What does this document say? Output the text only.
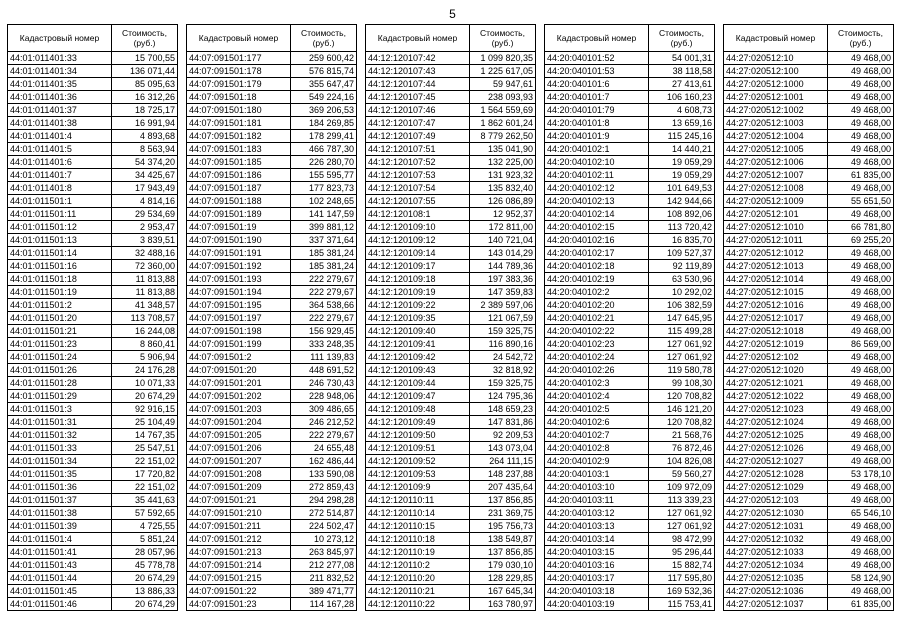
5
Кадастровый номер	Стоимость, (руб.)
44:01:011401:33	15 700,55
44:01:011401:34	136 071,44
44:01:011401:35	85 095,63
44:01:011401:36	16 312,26
44:01:011401:37	18 725,17
44:01:011401:38	16 991,94
44:01:011401:4	4 893,68
44:01:011401:5	8 563,94
44:01:011401:6	54 374,20
44:01:011401:7	34 425,67
44:01:011401:8	17 943,49
44:01:011501:1	4 814,16
44:01:011501:11	29 534,69
44:01:011501:12	2 953,47
44:01:011501:13	3 839,51
44:01:011501:14	32 488,16
44:01:011501:16	72 360,00
44:01:011501:18	11 813,88
44:01:011501:19	11 813,88
44:01:011501:2	41 348,57
44:01:011501:20	113 708,57
44:01:011501:21	16 244,08
44:01:011501:23	8 860,41
44:01:011501:24	5 906,94
44:01:011501:26	24 176,28
44:01:011501:28	10 071,33
44:01:011501:29	20 674,29
44:01:011501:3	92 916,15
44:01:011501:31	25 104,49
44:01:011501:32	14 767,35
44:01:011501:33	25 547,51
44:01:011501:34	22 151,02
44:01:011501:35	17 720,82
44:01:011501:36	22 151,02
44:01:011501:37	35 441,63
44:01:011501:38	57 592,65
44:01:011501:39	4 725,55
44:01:011501:4	5 851,24
44:01:011501:41	28 057,96
44:01:011501:43	45 778,78
44:01:011501:44	20 674,29
44:01:011501:45	13 886,33
44:01:011501:46	20 674,29
Кадастровый номер	Стоимость, (руб.)
44:07:091501:177	259 600,42
44:07:091501:178	576 815,74
44:07:091501:179	355 647,47
44:07:091501:18	549 224,16
44:07:091501:180	369 206,53
44:07:091501:181	184 269,85
44:07:091501:182	178 299,41
44:07:091501:183	466 787,30
44:07:091501:185	226 280,70
44:07:091501:186	155 595,77
44:07:091501:187	177 823,73
44:07:091501:188	102 248,65
44:07:091501:189	141 147,59
44:07:091501:19	399 881,12
44:07:091501:190	337 371,64
44:07:091501:191	185 381,24
44:07:091501:192	185 381,24
44:07:091501:193	222 279,67
44:07:091501:194	222 279,67
44:07:091501:195	364 538,66
44:07:091501:197	222 279,67
44:07:091501:198	156 929,45
44:07:091501:199	333 248,35
44:07:091501:2	111 139,83
44:07:091501:20	448 691,52
44:07:091501:201	246 730,43
44:07:091501:202	228 948,06
44:07:091501:203	309 486,65
44:07:091501:204	246 212,52
44:07:091501:205	222 279,67
44:07:091501:206	24 655,48
44:07:091501:207	162 486,44
44:07:091501:208	133 590,08
44:07:091501:209	272 859,43
44:07:091501:21	294 298,28
44:07:091501:210	272 514,87
44:07:091501:211	224 502,47
44:07:091501:212	10 273,12
44:07:091501:213	263 845,97
44:07:091501:214	212 277,08
44:07:091501:215	211 832,52
44:07:091501:22	389 471,77
44:07:091501:23	114 167,28
Кадастровый номер	Стоимость, (руб.)
44:12:120107:42	1 099 820,35
44:12:120107:43	1 225 617,05
44:12:120107:44	59 947,61
44:12:120107:45	238 093,93
44:12:120107:46	1 564 559,69
44:12:120107:47	1 862 601,24
44:12:120107:49	8 779 262,50
44:12:120107:51	135 041,90
44:12:120107:52	132 225,00
44:12:120107:53	131 923,32
44:12:120107:54	135 832,40
44:12:120107:55	126 086,89
44:12:120108:1	12 952,37
44:12:120109:10	172 811,00
44:12:120109:12	140 721,04
44:12:120109:14	143 014,29
44:12:120109:17	144 789,36
44:12:120109:18	197 383,36
44:12:120109:19	147 359,83
44:12:120109:22	2 389 597,06
44:12:120109:35	121 067,59
44:12:120109:40	159 325,75
44:12:120109:41	116 890,16
44:12:120109:42	24 542,72
44:12:120109:43	32 818,92
44:12:120109:44	159 325,75
44:12:120109:47	124 795,36
44:12:120109:48	148 659,23
44:12:120109:49	147 831,86
44:12:120109:50	92 209,53
44:12:120109:51	143 073,04
44:12:120109:52	264 111,15
44:12:120109:53	148 237,88
44:12:120109:9	207 435,64
44:12:120110:11	137 856,85
44:12:120110:14	231 369,75
44:12:120110:15	195 756,73
44:12:120110:18	138 549,87
44:12:120110:19	137 856,85
44:12:120110:2	179 030,10
44:12:120110:20	128 229,85
44:12:120110:21	167 645,34
44:12:120110:22	163 780,97
Кадастровый номер	Стоимость, (руб.)
44:20:040101:52	54 001,31
44:20:040101:53	38 118,58
44:20:040101:6	27 413,61
44:20:040101:7	106 160,23
44:20:040101:79	4 608,73
44:20:040101:8	13 659,16
44:20:040101:9	115 245,16
44:20:040102:1	14 440,21
44:20:040102:10	19 059,29
44:20:040102:11	19 059,29
44:20:040102:12	101 649,53
44:20:040102:13	142 944,66
44:20:040102:14	108 892,06
44:20:040102:15	113 720,42
44:20:040102:16	16 835,70
44:20:040102:17	109 527,37
44:20:040102:18	92 119,89
44:20:040102:19	63 530,96
44:20:040102:2	10 292,02
44:20:040102:20	106 382,59
44:20:040102:21	147 645,95
44:20:040102:22	115 499,28
44:20:040102:23	127 061,92
44:20:040102:24	127 061,92
44:20:040102:26	119 580,78
44:20:040102:3	99 108,30
44:20:040102:4	120 708,82
44:20:040102:5	146 121,20
44:20:040102:6	120 708,82
44:20:040102:7	21 568,76
44:20:040102:8	76 872,46
44:20:040102:9	104 826,08
44:20:040103:1	59 560,27
44:20:040103:10	109 972,09
44:20:040103:11	113 339,23
44:20:040103:12	127 061,92
44:20:040103:13	127 061,92
44:20:040103:14	98 472,99
44:20:040103:15	95 296,44
44:20:040103:16	15 882,74
44:20:040103:17	117 595,80
44:20:040103:18	169 532,36
44:20:040103:19	115 753,41
Кадастровый номер	Стоимость, (руб.)
44:27:020512:10	49 468,00
44:27:020512:100	49 468,00
44:27:020512:1000	49 468,00
44:27:020512:1001	49 468,00
44:27:020512:1002	49 468,00
44:27:020512:1003	49 468,00
44:27:020512:1004	49 468,00
44:27:020512:1005	49 468,00
44:27:020512:1006	49 468,00
44:27:020512:1007	61 835,00
44:27:020512:1008	49 468,00
44:27:020512:1009	55 651,50
44:27:020512:101	49 468,00
44:27:020512:1010	66 781,80
44:27:020512:1011	69 255,20
44:27:020512:1012	49 468,00
44:27:020512:1013	49 468,00
44:27:020512:1014	49 468,00
44:27:020512:1015	49 468,00
44:27:020512:1016	49 468,00
44:27:020512:1017	49 468,00
44:27:020512:1018	49 468,00
44:27:020512:1019	86 569,00
44:27:020512:102	49 468,00
44:27:020512:1020	49 468,00
44:27:020512:1021	49 468,00
44:27:020512:1022	49 468,00
44:27:020512:1023	49 468,00
44:27:020512:1024	49 468,00
44:27:020512:1025	49 468,00
44:27:020512:1026	49 468,00
44:27:020512:1027	49 468,00
44:27:020512:1028	53 178,10
44:27:020512:1029	49 468,00
44:27:020512:103	49 468,00
44:27:020512:1030	65 546,10
44:27:020512:1031	49 468,00
44:27:020512:1032	49 468,00
44:27:020512:1033	49 468,00
44:27:020512:1034	49 468,00
44:27:020512:1035	58 124,90
44:27:020512:1036	49 468,00
44:27:020512:1037	61 835,00
